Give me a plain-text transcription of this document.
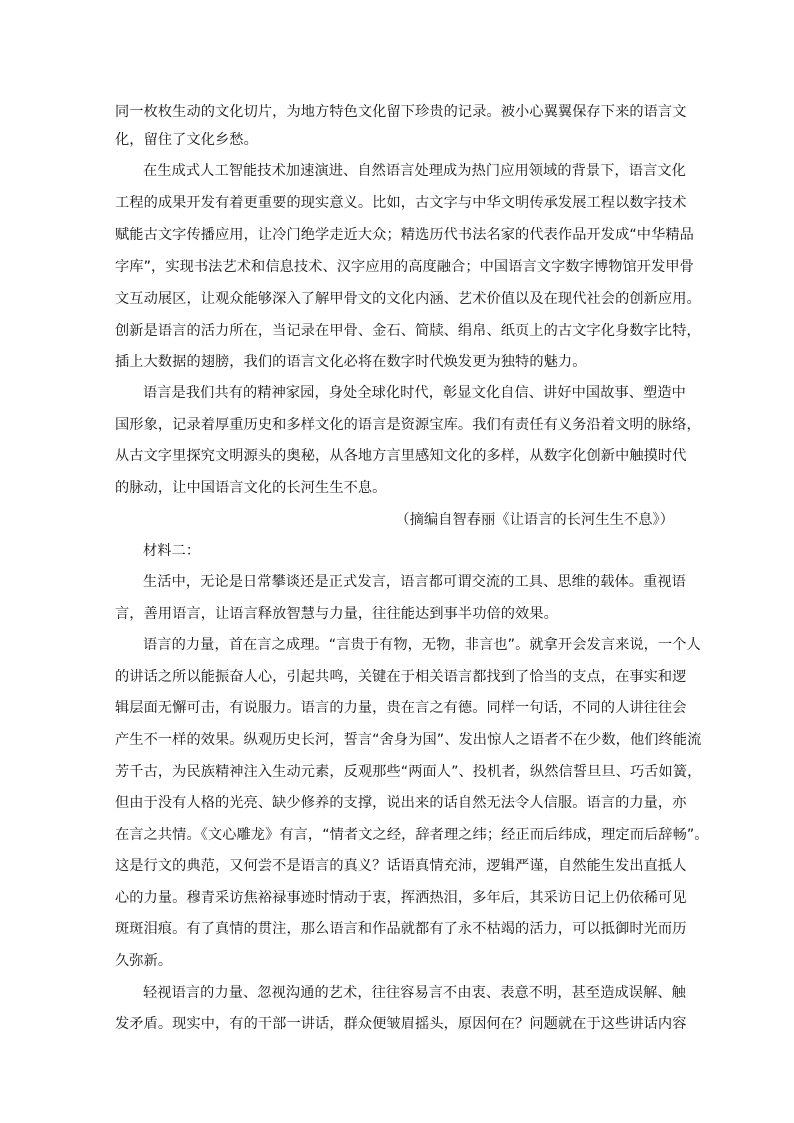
同一枚枚生动的文化切片，为地方特色文化留下珍贵的记录。被小心翼翼保存下来的语言文
化，留住了文化乡愁。
在生成式人工智能技术加速演进、自然语言处理成为热门应用领域的背景下，语言文化
工程的成果开发有着更重要的现实意义。比如，古文字与中华文明传承发展工程以数字技术
赋能古文字传播应用，让冷门绝学走近大众；精选历代书法名家的代表作品开发成“中华精品
字库”，实现书法艺术和信息技术、汉字应用的高度融合；中国语言文字数字博物馆开发甲骨
文互动展区，让观众能够深入了解甲骨文的文化内涵、艺术价值以及在现代社会的创新应用。
创新是语言的活力所在，当记录在甲骨、金石、简牍、绢帛、纸页上的古文字化身数字比特，
插上大数据的翅膀，我们的语言文化必将在数字时代焕发更为独特的魅力。
语言是我们共有的精神家园，身处全球化时代，彰显文化自信、讲好中国故事、塑造中
国形象，记录着厚重历史和多样文化的语言是资源宝库。我们有责任有义务沿着文明的脉络，
从古文字里探究文明源头的奥秘，从各地方言里感知文化的多样，从数字化创新中触摸时代
的脉动，让中国语言文化的长河生生不息。
（摘编自智春丽《让语言的长河生生不息》）
材料二：
生活中，无论是日常攀谈还是正式发言，语言都可谓交流的工具、思维的载体。重视语
言，善用语言，让语言释放智慧与力量，往往能达到事半功倍的效果。
语言的力量，首在言之成理。“言贵于有物，无物，非言也”。就拿开会发言来说，一个人
的讲话之所以能振奋人心，引起共鸣，关键在于相关语言都找到了恰当的支点，在事实和逻
辑层面无懈可击，有说服力。语言的力量，贵在言之有德。同样一句话，不同的人讲往往会
产生不一样的效果。纵观历史长河，誓言“舍身为国”、发出惊人之语者不在少数，他们终能流
芳千古，为民族精神注入生动元素，反观那些“两面人”、投机者，纵然信誓旦旦、巧舌如簧，
但由于没有人格的光亮、缺少修养的支撑，说出来的话自然无法令人信服。语言的力量，亦
在言之共情。《文心雕龙》有言，“情者文之经，辞者理之纬；经正而后纬成，理定而后辞畅”。
这是行文的典范，又何尝不是语言的真义？话语真情充沛，逻辑严谨，自然能生发出直抵人
心的力量。穆青采访焦裕禄事迹时情动于衷，挥洒热泪，多年后，其采访日记上仍依稀可见
斑斑泪痕。有了真情的贯注，那么语言和作品就都有了永不枯竭的活力，可以抵御时光而历
久弥新。
轻视语言的力量、忽视沟通的艺术，往往容易言不由衷、表意不明，甚至造成误解、触
发矛盾。现实中，有的干部一讲话，群众便皱眉摇头，原因何在？问题就在于这些讲话内容
